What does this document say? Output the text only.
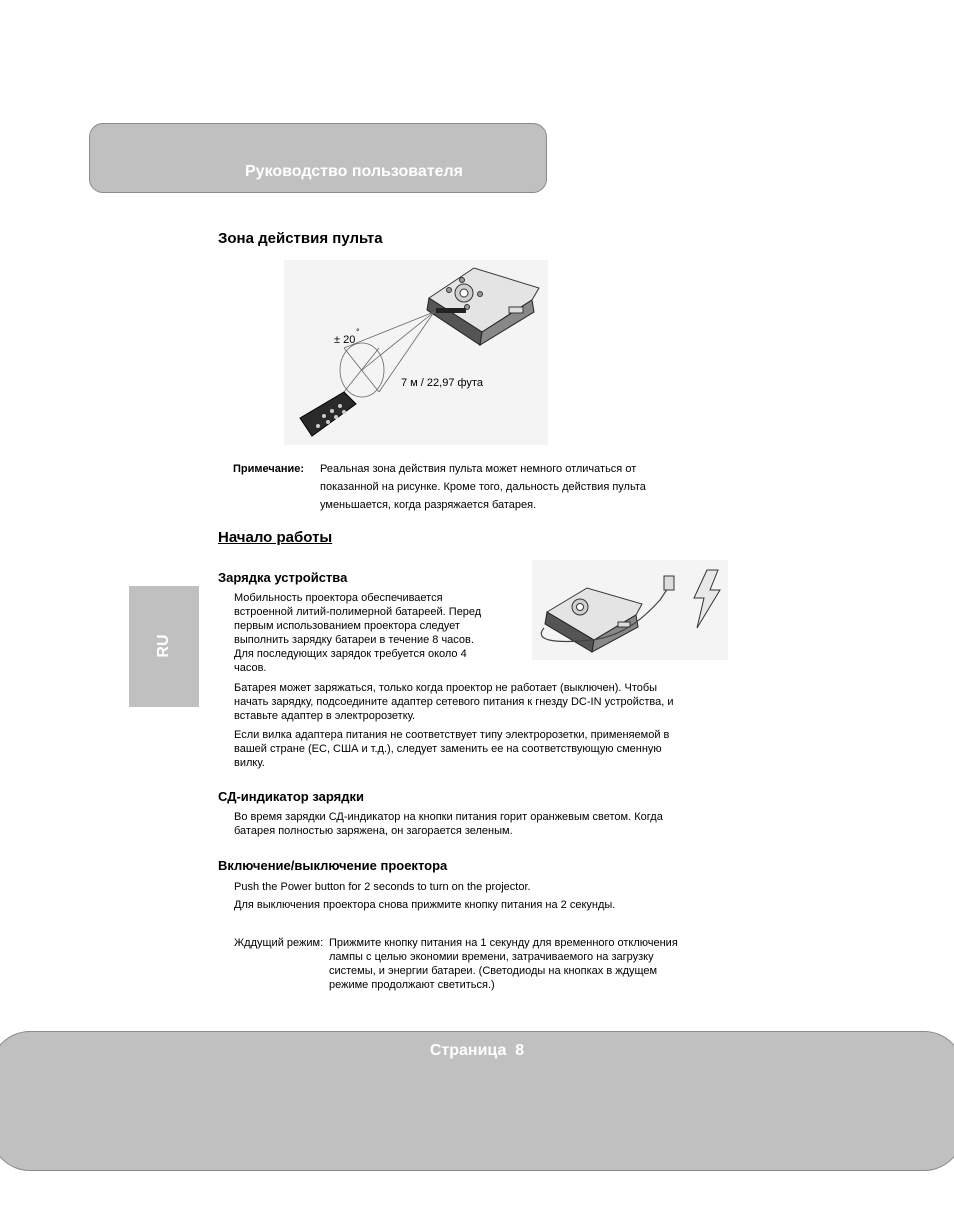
Руководство пользователя
RU
Зона действия пульта
± 20
°
7 м / 22,97 фута
Примечание: Реальная зона действия пульта может немного отличаться от
показанной на рисунке. Кроме того, дальность действия пульта
уменьшается, когда разряжается батарея.
Начало работы
Зарядка устройства
Мобильность проектора обеспечивается
встроенной литий-полимерной батареей. Перед
первым использованием проектора следует
выполнить зарядку батареи в течение 8 часов.
Для последующих зарядок требуется около 4
часов.
Батарея может заряжаться, только когда проектор не работает (выключен). Чтобы
начать зарядку, подсоедините адаптер сетевого питания к гнезду DC-IN устройства, и
вставьте адаптер в электророзетку.
Если вилка адаптера питания не соответствует типу электророзетки, применяемой в
вашей стране (ЕС, США и т.д.), следует заменить ее на соответствующую сменную
вилку.
СД-индикатор зарядки
Во время зарядки СД-индикатор на кнопки питания горит оранжевым светом. Когда
батарея полностью заряжена, он загорается зеленым.
Включение/выключение проектора
Push the Power button for 2 seconds to turn on the projector.
Для выключения проектора снова прижмите кнопку питания на 2 секунды.
Жддущий режим: Прижмите кнопку питания на 1 секунду для временного отключения
лампы с целью экономии времени, затрачиваемого на загрузку
системы, и энергии батареи. (Светодиоды на кнопках в ждущем
режиме продолжают светиться.)
Страница  8
